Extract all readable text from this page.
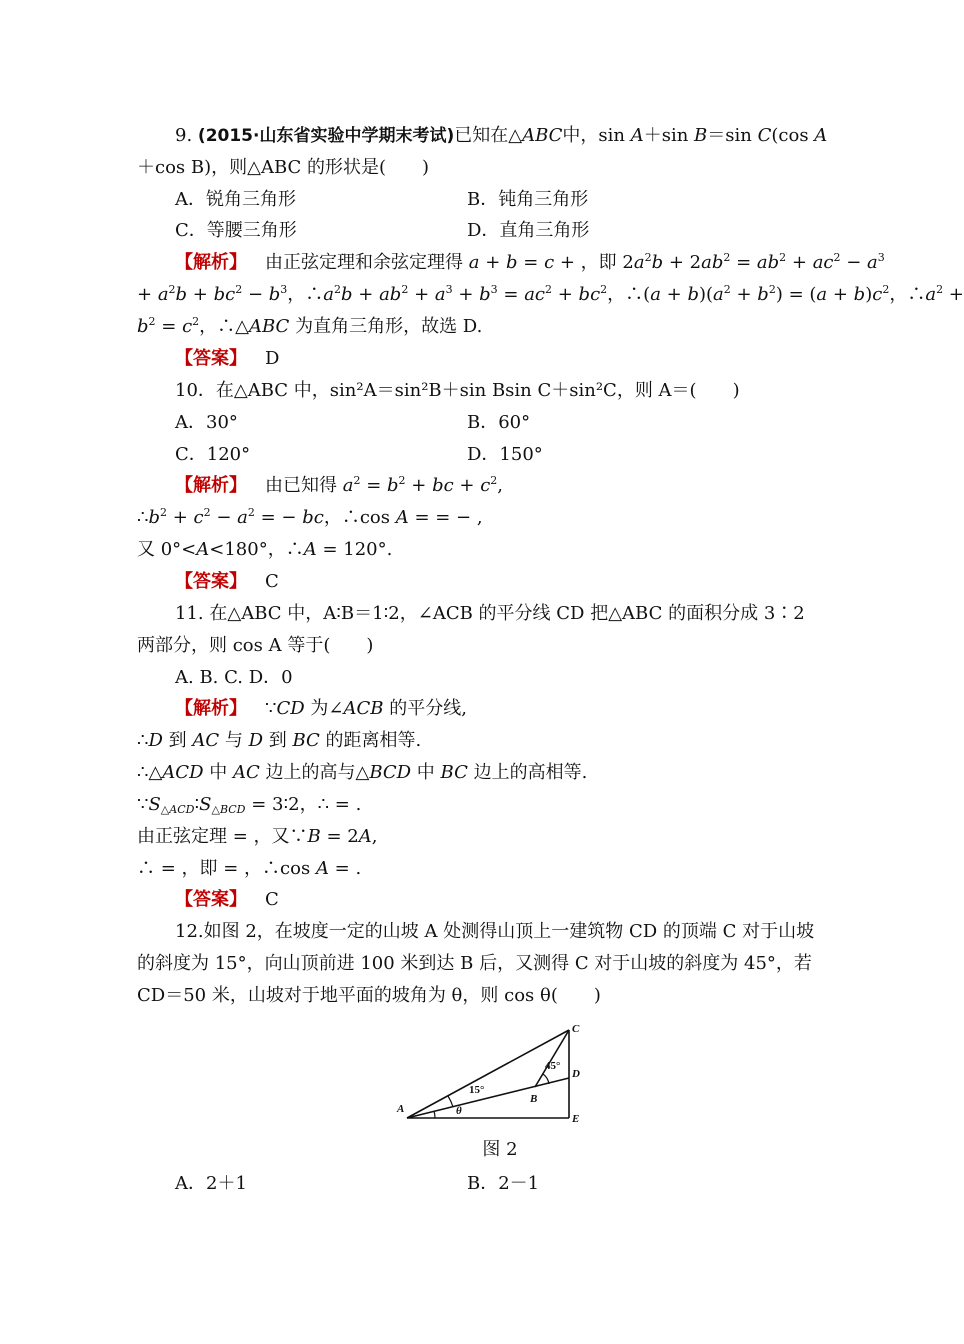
9. (2015·山东省实验中学期末考试)已知在△ABC中，sin A＋sin B＝sin C(cos A
＋cos B)，则△ABC 的形状是(　　)
A．锐角三角形	B．钝角三角形
C．等腰三角形	D．直角三角形
【解析】 由正弦定理和余弦定理得 a + b = c + ，即 $2a^2b + 2ab^2 = ab^2 + ac^2 - a^3$
+ $a^2b + bc^2 - b^3$，$\therefore a^2b + ab^2 + a^3 + b^3 = ac^2 + bc^2$，∴(a + $b)(a^2 + b^2) = (a + b)c^2$，$\therefore a^2$ +
$b^2 = c^2$，∴△ABC 为直角三角形，故选 D.
【答案】 D
10．在△ABC 中，sin²A＝sin²B＋sin Bsin C＋sin²C，则 A＝(　　)
A．30°	B．60°
C．120°	D．150°
【解析】 由已知得 $a^2 = b^2$ + bc + $c^2$,
$\therefore b^2 + c^2 - a^2$ = − bc，∴cos A = = − ,
又 0°<A<180°，∴A = 120°.
【答案】 C
11. 在△ABC 中，A∶B＝1∶2，∠ACB 的平分线 CD 把△ABC 的面积分成 3∶2
两部分，则 cos A 等于(　　)
A. B. C. D．0
【解析】 ∵CD 为∠ACB 的平分线,
∴D 到 AC 与 D 到 BC 的距离相等.
∴△ACD 中 AC 边上的高与△BCD 中 BC 边上的高相等.
$\because S_{\triangle ACD}∶S_{\triangle BCD}$ = 3∶2，∴ = .
由正弦定理 = ，又∵B = 2A,
∴ = ，即 = ，∴cos A = .
【答案】 C
12.如图 2，在坡度一定的山坡 A 处测得山顶上一建筑物 CD 的顶端 C 对于山坡
的斜度为 15°，向山顶前进 100 米到达 B 后，又测得 C 对于山坡的斜度为 45°，若
CD＝50 米，山坡对于地平面的坡角为 θ，则 cos θ(　　)
A
B
C
D
E
θ
15°
45°
图 2
A．2＋1	B．2－1
